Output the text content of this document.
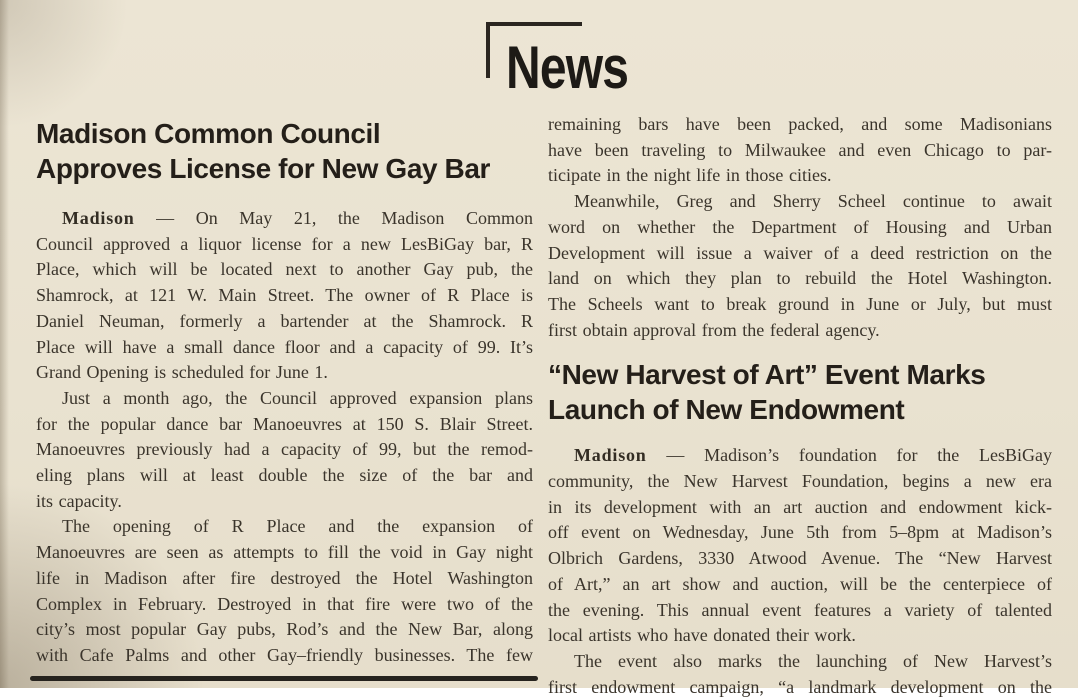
News
Madison Common Council
Approves License for New Gay Bar
Madison — On May 21, the Madison Common
Council approved a liquor license for a new LesBiGay bar, R
Place, which will be located next to another Gay pub, the
Shamrock, at 121 W. Main Street. The owner of R Place is
Daniel Neuman, formerly a bartender at the Shamrock. R
Place will have a small dance floor and a capacity of 99. It’s
Grand Opening is scheduled for June 1.
Just a month ago, the Council approved expansion plans
for the popular dance bar Manoeuvres at 150 S. Blair Street.
Manoeuvres previously had a capacity of 99, but the remod-
eling plans will at least double the size of the bar and
its capacity.
The opening of R Place and the expansion of
Manoeuvres are seen as attempts to fill the void in Gay night
life in Madison after fire destroyed the Hotel Washington
Complex in February. Destroyed in that fire were two of the
city’s most popular Gay pubs, Rod’s and the New Bar, along
with Cafe Palms and other Gay–friendly businesses. The few
remaining bars have been packed, and some Madisonians
have been traveling to Milwaukee and even Chicago to par-
ticipate in the night life in those cities.
Meanwhile, Greg and Sherry Scheel continue to await
word on whether the Department of Housing and Urban
Development will issue a waiver of a deed restriction on the
land on which they plan to rebuild the Hotel Washington.
The Scheels want to break ground in June or July, but must
first obtain approval from the federal agency.
“New Harvest of Art” Event Marks
Launch of New Endowment
Madison — Madison’s foundation for the LesBiGay
community, the New Harvest Foundation, begins a new era
in its development with an art auction and endowment kick-
off event on Wednesday, June 5th from 5–8pm at Madison’s
Olbrich Gardens, 3330 Atwood Avenue. The “New Harvest
of Art,” an art show and auction, will be the centerpiece of
the evening. This annual event features a variety of talented
local artists who have donated their work.
The event also marks the launching of New Harvest’s
first endowment campaign, “a landmark development on the
